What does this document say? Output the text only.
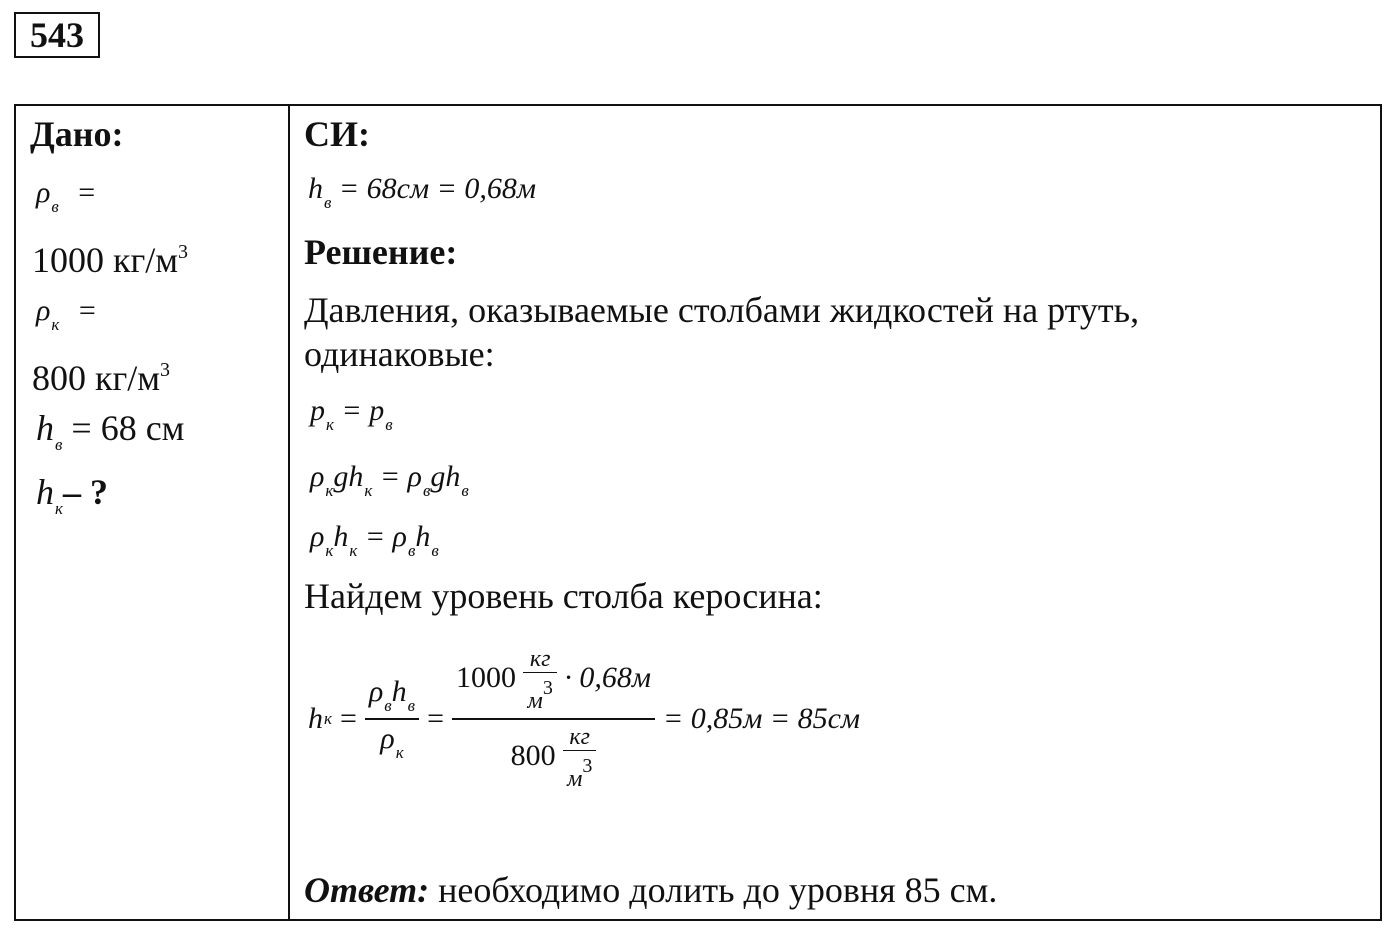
543
Дано:
$\rho_в$ =
1000 $кг/м^3$
$\rho_к$ =
800 $кг/м^3$
$h_в = 68$ см
$h_к-$ ?
СИ:
$h_в = 68см = 0,68м$
Решение:
Давления, оказываемые столбами жидкостей на ртуть,
одинаковые:
$p_к = p_в$
$\rho_кgh_к = \rho_вgh_в$
$\rho_кh_к = \rho_вh_в$
Найдем уровень столба керосина:
h $к = \frac{\rho_вh_в}{\rho_к} = 1000$
кг
$м^3 \cdot 0,68м$
800
кг
$м^3 = 0,85м = 85см$
Ответ: необходимо долить до уровня 85 см.
